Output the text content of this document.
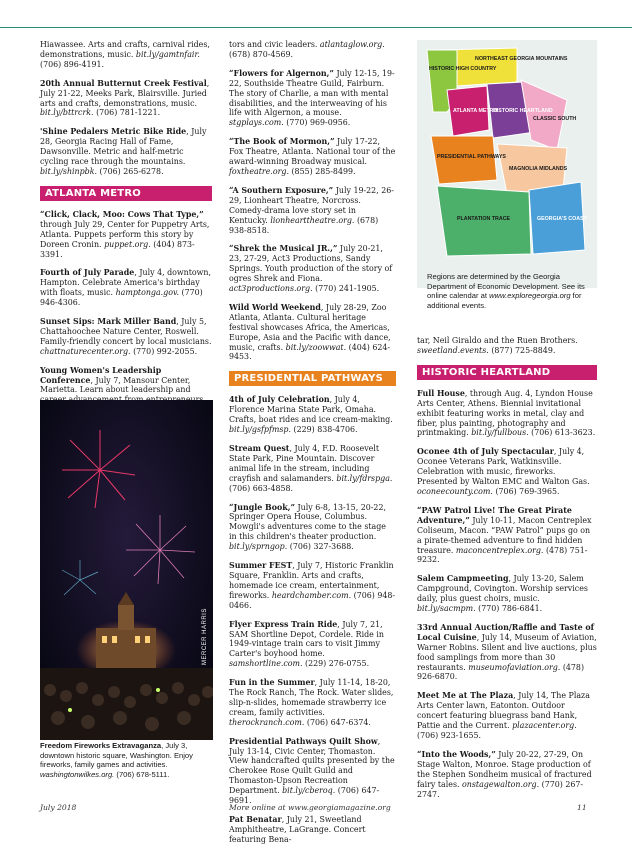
Hiawassee. Arts and crafts, carnival rides, demonstrations, music. bit.ly/gamtnfair. (706) 896-4191.

20th Annual Butternut Creek Festival, July 21-22, Meeks Park, Blairsville. Juried arts and crafts, demonstrations, music. bit.ly/bttrcrk. (706) 781-1221.

'Shine Pedalers Metric Bike Ride, July 28, Georgia Racing Hall of Fame, Dawsonville. Metric and half-metric cycling race through the mountains. bit.ly/shinpbk. (706) 265-6278.

ATLANTA METRO

“Click, Clack, Moo: Cows That Type,” through July 29, Center for Puppetry Arts, Atlanta. Puppets perform this story by Doreen Cronin. puppet.org. (404) 873-3391.

Fourth of July Parade, July 4, downtown, Hampton. Celebrate America's birthday with floats, music. hamptonga.gov. (770) 946-4306.

Sunset Sips: Mark Miller Band, July 5, Chattahoochee Nature Center, Roswell. Family-friendly concert by local musicians. chattnaturecenter.org. (770) 992-2055.

Young Women's Leadership Conference, July 7, Mansour Center, Marietta. Learn about leadership and

MERCER HARRIS
Freedom Fireworks Extravaganza, July 3, downtown historic square, Washington. Enjoy fireworks, family games and activities. washingtonwilkes.org. (706) 678-5111.

tors and civic leaders. atlantaglow.org. (678) 870-4569.

“Flowers for Algernon,” July 12-15, 19-22, Southside Theatre Guild, Fairburn. The story of Charlie, a man with mental disabilities, and the interweaving of his life with Algernon, a mouse. stgplays.com. (770) 969-0956.

“The Book of Mormon,” July 17-22, Fox Theatre, Atlanta. National tour of the award-winning Broadway musical. foxtheatre.org. (855) 285-8499.

“A Southern Exposure,” July 19-22, 26-29, Lionheart Theatre, Norcross. Comedy-drama love story set in Kentucky. lionhearttheatre.org. (678) 938-8518.

“Shrek the Musical JR.,” July 20-21, 23, 27-29, Act3 Productions, Sandy Springs. Youth production of the story of ogres Shrek and Fiona. act3productions.org. (770) 241-1905.

Wild World Weekend, July 28-29, Zoo Atlanta, Atlanta. Cultural heritage festival showcases Africa, the Americas, Europe, Asia and the Pacific with dance, music, crafts. bit.ly/zoowwat. (404) 624-9453.

PRESIDENTIAL PATHWAYS

4th of July Celebration, July 4, Florence Marina State Park, Omaha. Crafts, boat rides and ice cream-making. bit.ly/gsfpfmsp. (229) 838-4706.

Stream Quest, July 4, F.D. Roosevelt State Park, Pine Mountain. Discover animal life in the stream, including crayfish and salamanders. bit.ly/fdrspga. (706) 663-4858.

“Jungle Book,” July 6-8, 13-15, 20-22, Springer Opera House, Columbus. Mowgli's adventures come to the stage in this children's theater production. bit.ly/sprngop. (706) 327-3688.

Summer FEST, July 7, Historic Franklin Square, Franklin. Arts and crafts, homemade ice cream, entertainment, fireworks. heardchamber.com. (706) 948-0466.

Flyer Express Train Ride, July 7, 21, SAM Shortline Depot, Cordele. Ride in 1949-vintage train cars to visit Jimmy Carter's boyhood home. samshortline.com. (229) 276-0755.

Fun in the Summer, July 11-14, 18-20, The Rock Ranch, The Rock. Water slides, slip-n-slides, homemade strawberry ice cream, family activities. therockranch.com. (706) 647-6374.

Presidential Pathways Quilt Show, July 13-14, Civic Center, Thomaston. View handcrafted quilts presented by the Cherokee Rose Quilt Guild and Thomaston-Upson Recreation Department. bit.ly/cberoq. (706) 647-9691.

Pat Benatar, July 21, Sweetland Amphitheatre, LaGrange. Concert featuring Bena-

NORTHEAST GEORGIA MOUNTAINS
HISTORIC HIGH COUNTRY
ATLANTA METRO
HISTORIC HEARTLAND
CLASSIC SOUTH
PRESIDENTIAL PATHWAYS
MAGNOLIA MIDLANDS
PLANTATION TRACE	GEORGIA'S COAST
Regions are determined by the Georgia Department of Economic Development. See its online calendar at www.exploregeorgia.org for additional events.

tar, Neil Giraldo and the Ruen Brothers. sweetland.events. (877) 725-8849.

HISTORIC HEARTLAND

Full House, through Aug. 4, Lyndon House Arts Center, Athens. Biennial invitational exhibit featuring works in metal, clay and fiber, plus painting, photography and printmaking. bit.ly/fullbous. (706) 613-3623.

Oconee 4th of July Spectacular, July 4, Oconee Veterans Park, Watkinsville. Celebration with music, fireworks. Presented by Walton EMC and Walton Gas. oconeecounty.com. (706) 769-3965.

“PAW Patrol Live! The Great Pirate Adventure,” July 10-11, Macon Centreplex Coliseum, Macon. “PAW Patrol” pups go on a pirate-themed adventure to find hidden treasure. maconcentreplex.org. (478) 751-9232.

Salem Campmeeting, July 13-20, Salem Campground, Covington. Worship services daily, plus guest choirs, music. bit.ly/sacmpm. (770) 786-6841.

33rd Annual Auction/Raffle and Taste of Local Cuisine, July 14, Museum of Aviation, Warner Robins. Silent and live auctions, plus food samplings from more than 30 restaurants. museumofaviation.org. (478) 926-6870.

Meet Me at The Plaza, July 14, The Plaza Arts Center lawn, Eatonton. Outdoor concert featuring bluegrass band Hank, Pattie and the Current. plazacenter.org. (706) 923-1655.

“Into the Woods,” July 20-22, 27-29, On Stage Walton, Monroe. Stage production of the Stephen Sondheim musical of fractured fairy tales. onstagewalton.org. (770) 267-2747.

July 2018	More online at www.georgiamagazine.org	11
